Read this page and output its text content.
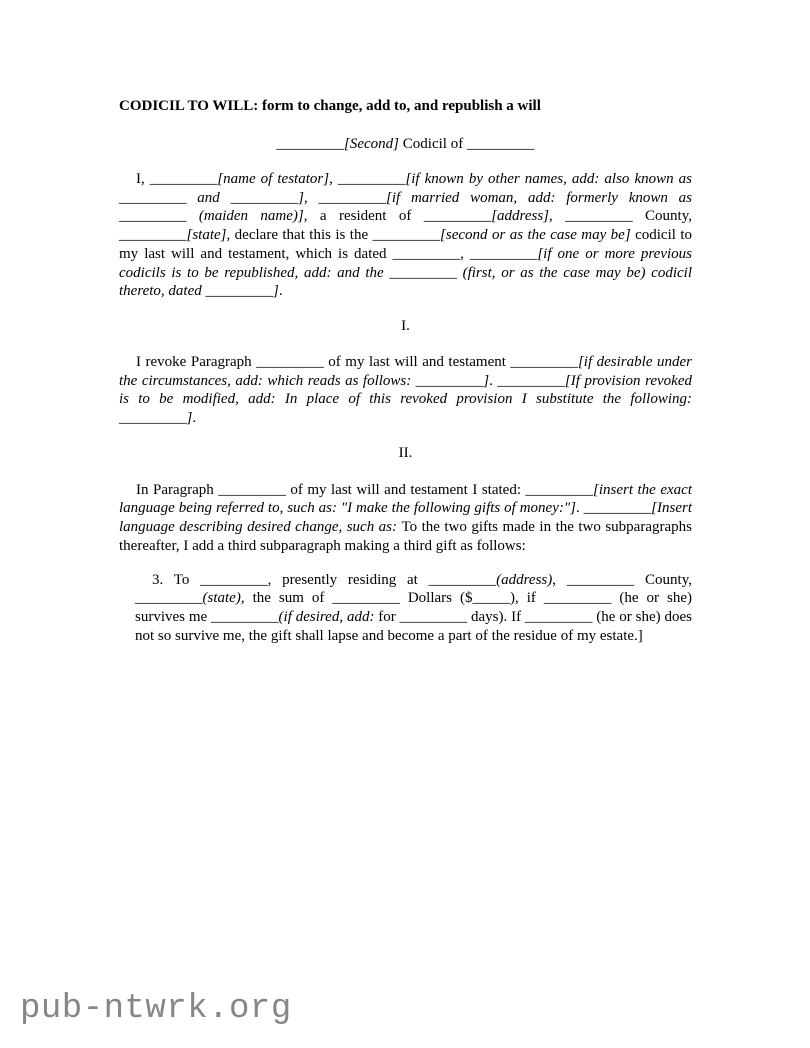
CODICIL TO WILL: form to change, add to, and republish a will
_________[Second] Codicil of _________

I, _________[name of testator], _________[if known by other names, add: also known as _________ and _________], _________[if married woman, add: formerly known as _________ (maiden name)], a resident of _________[address], _________ County, _________[state], declare that this is the _________[second or as the case may be] codicil to my last will and testament, which is dated _________, _________[if one or more previous codicils is to be republished, add: and the _________ (first, or as the case may be) codicil thereto, dated _________].

I.

I revoke Paragraph _________ of my last will and testament _________[if desirable under the circumstances, add: which reads as follows: _________]. _________[If provision revoked is to be modified, add: In place of this revoked provision I substitute the following: _________].

II.

In Paragraph _________ of my last will and testament I stated: _________[insert the exact language being referred to, such as: "I make the following gifts of money:"]. _________[Insert language describing desired change, such as: To the two gifts made in the two subparagraphs thereafter, I add a third subparagraph making a third gift as follows:

3. To _________, presently residing at _________(address), _________ County, _________(state), the sum of _________ Dollars ($_____), if _________ (he or she) survives me _________(if desired, add: for _________ days). If _________ (he or she) does not so survive me, the gift shall lapse and become a part of the residue of my estate.]

pub-ntwrk.org
